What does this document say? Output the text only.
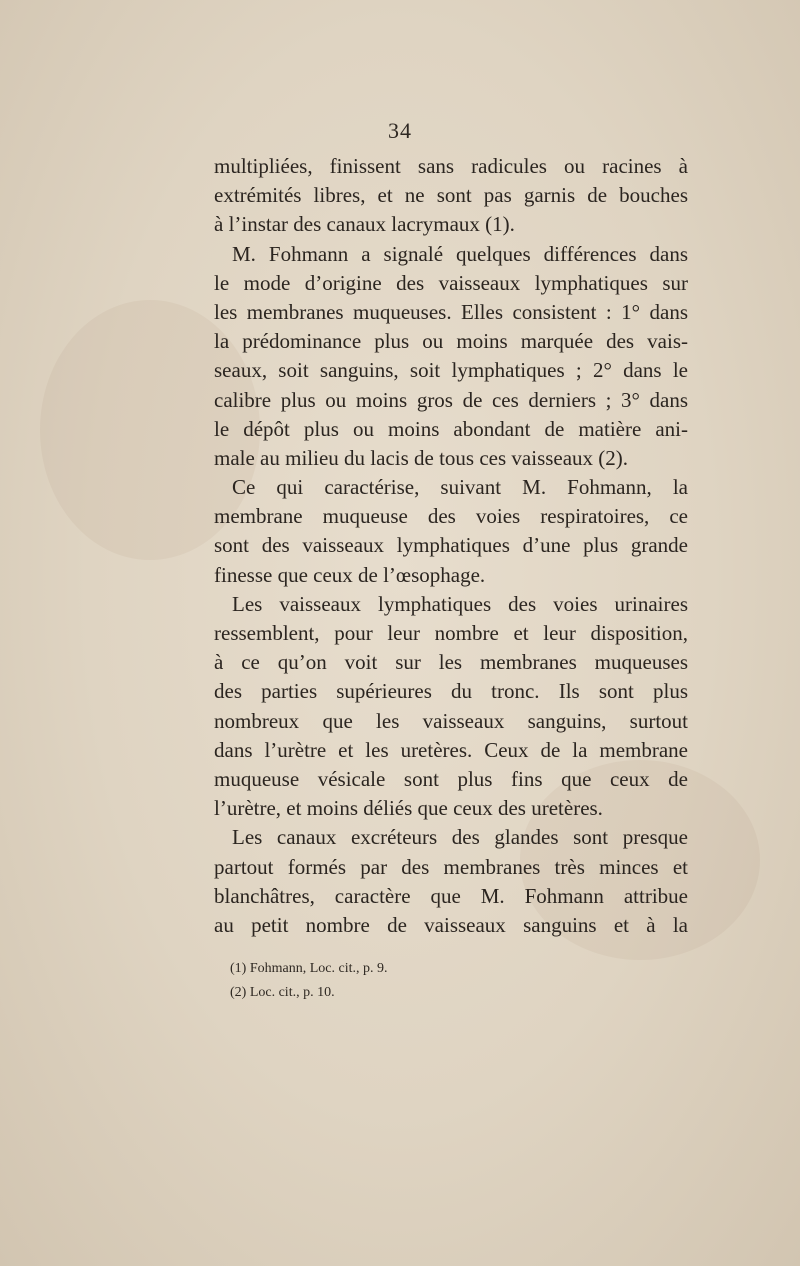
34
multipliées, finissent sans radicules ou racines à
extrémités libres, et ne sont pas garnis de bouches
à l’instar des canaux lacrymaux (1).
M. Fohmann a signalé quelques différences dans
le mode d’origine des vaisseaux lymphatiques sur
les membranes muqueuses. Elles consistent : 1° dans
la prédominance plus ou moins marquée des vais-
seaux, soit sanguins, soit lymphatiques ; 2° dans le
calibre plus ou moins gros de ces derniers ; 3° dans
le dépôt plus ou moins abondant de matière ani-
male au milieu du lacis de tous ces vaisseaux (2).
Ce qui caractérise, suivant M. Fohmann, la
membrane muqueuse des voies respiratoires, ce
sont des vaisseaux lymphatiques d’une plus grande
finesse que ceux de l’œsophage.
Les vaisseaux lymphatiques des voies urinaires
ressemblent, pour leur nombre et leur disposition,
à ce qu’on voit sur les membranes muqueuses
des parties supérieures du tronc. Ils sont plus
nombreux que les vaisseaux sanguins, surtout
dans l’urètre et les uretères. Ceux de la membrane
muqueuse vésicale sont plus fins que ceux de
l’urètre, et moins déliés que ceux des uretères.
Les canaux excréteurs des glandes sont presque
partout formés par des membranes très minces et
blanchâtres, caractère que M. Fohmann attribue
au petit nombre de vaisseaux sanguins et à la
(1) Fohmann, Loc. cit., p. 9.
(2) Loc. cit., p. 10.
